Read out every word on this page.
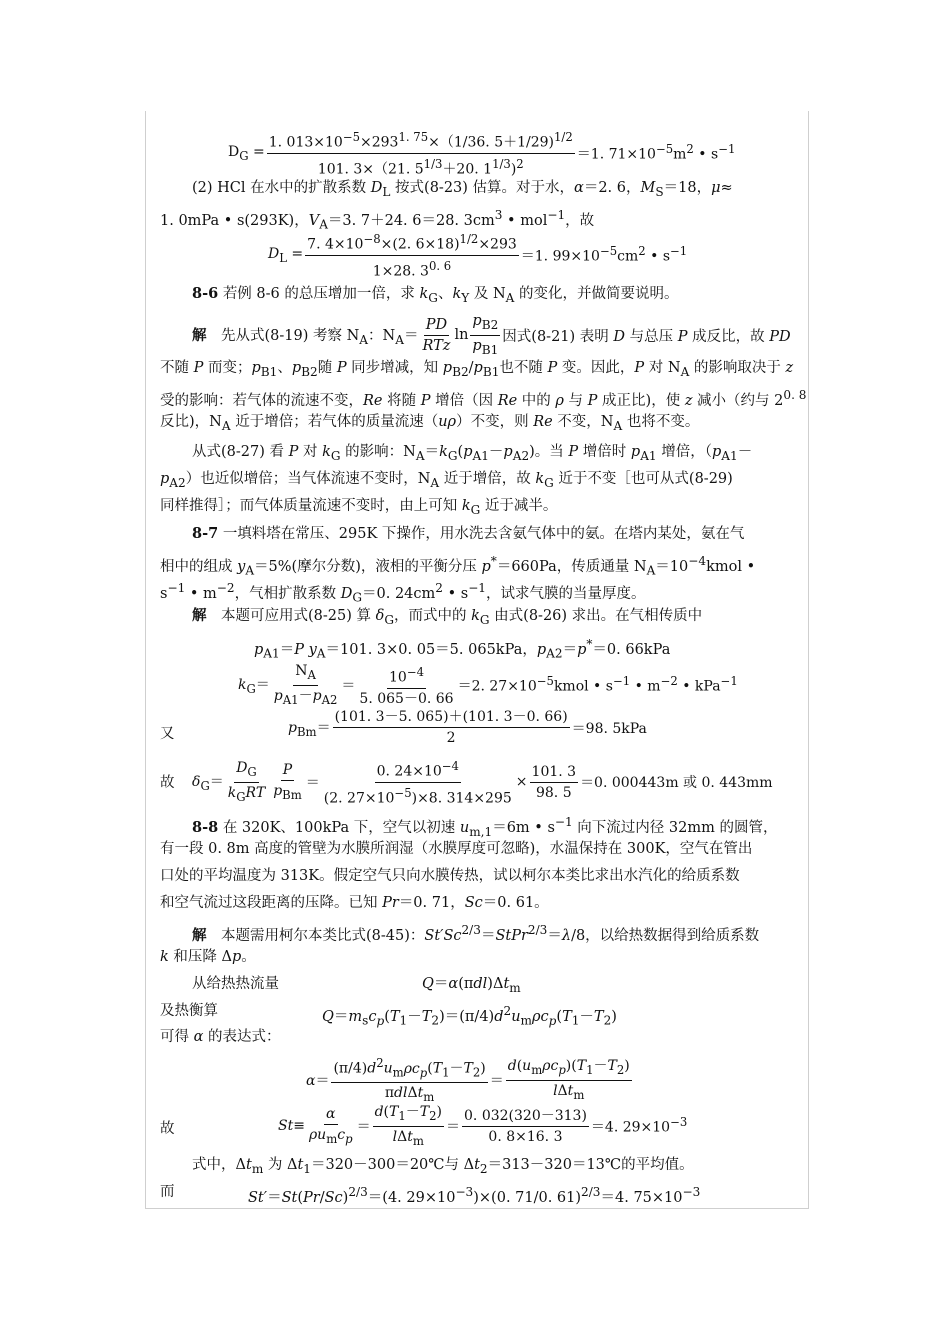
$D_G = \frac{1. 013\times 10^{-5}\times 293^{1. 75}\times(1/36. 5+1/29)^{1/2}}{101. 3\times(21. 5^{1/3}+20. 1^{1/3})^2} =1$. $71\times 10^{-5}m^2$ • $s^{-1}$
(2) HCl 在水中的扩散系数 $D_L$ 按式(8-23) 估算。对于水，α＝2. 6，$M_S=18$，μ≈
1. 0mPa • s(293K)，$V_A=3$. 7＋24. 6＝28. $3cm^3$ • mol$^{-1}$，故
$D_L = \frac{7. 4\times 10^{-8}\times(2. 6\times 18)^{1/2}\times 293}{1\times 28. 3^{0. 6}} =1$. $99\times 10^{-5}cm^2$ • $s^{-1}$
8-6 若例 8-6 的总压增加一倍，求 $k_G$、$k_Y$ 及 $N_A$ 的变化，并做简要说明。
解　先从式(8-19) 考察 $N_A$：$N_A= \frac{PD}{\text{RTz}}$ $\ln \frac{p_{B2}}{p_{B1}}$ 因式(8-21) 表明 D 与总压 P 成反比，故 PD
不随 P 而变；$p_{B1}$、$p_{B2}$随 P 同步增减，知 $p_{B2}/p_{B1}$也不随 P 变。因此，P 对 $N_A$ 的影响取决于 z
受的影响：若气体的流速不变，Re 将随 P 增倍（因 Re 中的 ρ 与 P 成正比)，使 z 减小（约与 $2^{0. 8}$
反比)，$N_A$ 近于增倍；若气体的质量流速（uρ）不变，则 Re 不变，$N_A$ 也将不变。
从式(8-27) 看 P 对 $k_G$ 的影响：$N_A=k_G(p_{A1}-p_{A2})$。当 P 增倍时 $p_{A1}$ 增倍，（$p_{A1}-$
$p_{A2}$）也近似增倍；当气体流速不变时，$N_A$ 近于增倍，故 $k_G$ 近于不变［也可从式(8-29)
同样推得］；而气体质量流速不变时，由上可知 $k_G$ 近于减半。
8-7 一填料塔在常压、295K 下操作，用水洗去含氨气体中的氨。在塔内某处，氨在气
相中的组成 $y_A=5\%$(摩尔分数)，液相的平衡分压 p*＝660Pa，传质通量 $N_A=10^{-4}kmol$ •
$s^{-1}$ • $m^{-2}$，气相扩散系数 $D_G=0$. $24cm^2$ • $s^{-1}$，试求气膜的当量厚度。
解　本题可应用式(8-25) 算 $\delta_G$，而式中的 $k_G$ 由式(8-26) 求出。在气相传质中
$p_{A1}=P$ $y_A=101$. 3×0. 05＝5. 065kPa，$p_{A2}=p^*=0$. 66kPa
$k_G= \frac{N_A}{p_{A1}-p_{A2}} = \frac{10^{-4}}{5. 065-0. 66} =2$. $27\times 10^{-5}kmol$ • $s^{-1}$ • $m^{-2}$ • kPa$^{-1}$
又	$p_{Bm}= \frac{(101. 3-5. 065)+(101. 3-0. 66)}{2} =98$. 5kPa
故 $\delta_G= \frac{D_G}{k_GRT} \frac{P}{p_{Bm}} = \frac{0. 24\times 10^{-4}}{(2. 27\times 10^{-5})\times 8. 314\times 295} \times \frac{101. 3}{98. 5} =0$. 000443m 或 0. 443mm
8-8 在 320K、100kPa 下，空气以初速 $u_{m,1}=6m$ • $s^{-1}$ 向下流过内径 32mm 的圆管，
有一段 0. 8m 高度的管壁为水膜所润湿（水膜厚度可忽略)，水温保持在 300K，空气在管出
口处的平均温度为 313K。假定空气只向水膜传热，试以柯尔本类比求出水汽化的给质系数
和空气流过这段距离的压降。已知 Pr＝0. 71，Sc＝0. 61。
解　本题需用柯尔本类比式(8-45)：$St'Sc^{2/3}=StPr^{2/3}=\lambda/8$，以给热数据得到给质系数
k 和压降 Δp。
从给热热流量	$Q=\alpha(\pi dl)\Delta t_m$
及热衡算	$Q=m_sc_p(T_1-T_2)=(\pi/4)d^2u_m\rho c_p(T_1-T_2)$
可得 α 的表达式：
$\alpha= \frac{(\pi/4)d^2u_m\rho c_p(T_1-T_2)}{\pi dl\Delta t_m} = \frac{d(u_m\rho c_p)(T_1-T_2)}{l\Delta t_m}$
故	$St\equiv \frac{\alpha}{\rho u_mc_p} = \frac{d(T_1-T_2)}{l\Delta t_m} = \frac{0. 032(320-313)}{0. 8\times 16. 3} =4$. $29\times 10^{-3}$
式中，$\Delta t_m$ 为 $\Delta t_1=320-300=20℃$与 $\Delta t_2=313-320=13℃$的平均值。
而	$St'=St(Pr/Sc)^{2/3}=(4$. $29\times 10^{-3})\times(0$. 71/0. 61)$^{2/3}$＝4. $75\times 10^{-3}$
